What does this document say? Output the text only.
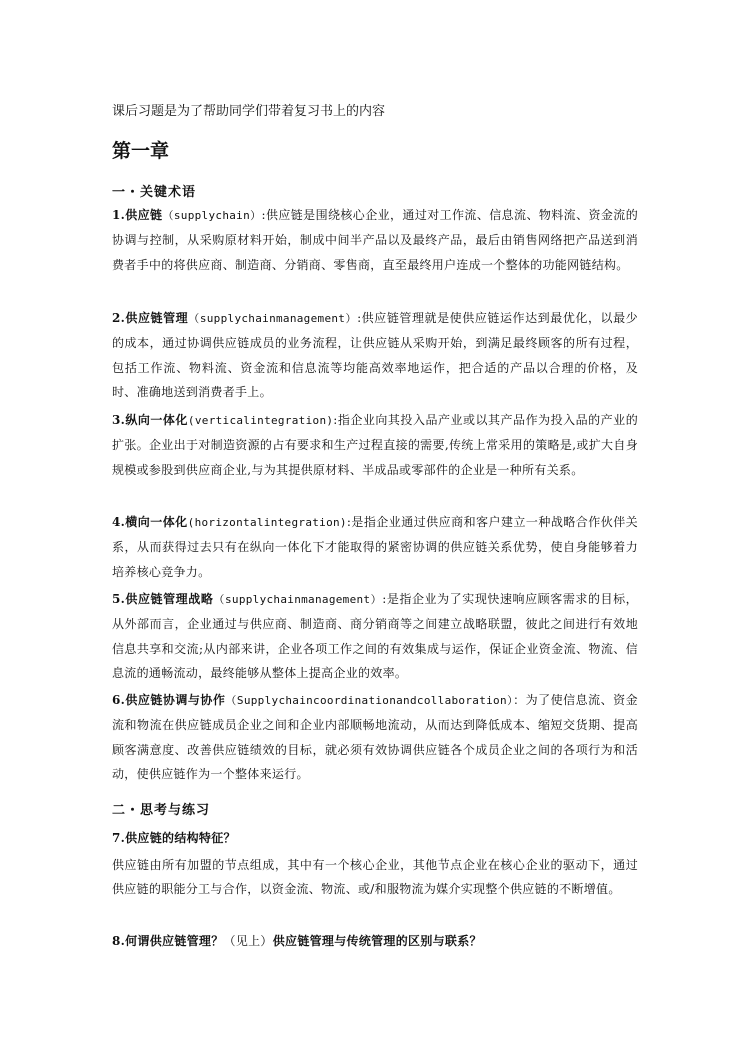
课后习题是为了帮助同学们带着复习书上的内容
第一章
一・关键术语
1.供应链（supplychain）:供应链是围绕核心企业，通过对工作流、信息流、物料流、资金流的协调与控制，从采购原材料开始，制成中间半产品以及最终产品，最后由销售网络把产品送到消费者手中的将供应商、制造商、分销商、零售商，直至最终用户连成一个整体的功能网链结构。
2.供应链管理（supplychainmanagement）:供应链管理就是使供应链运作达到最优化，以最少的成本，通过协调供应链成员的业务流程，让供应链从采购开始，到满足最终顾客的所有过程，包括工作流、物料流、资金流和信息流等均能高效率地运作，把合适的产品以合理的价格，及时、准确地送到消费者手上。
3.纵向一体化(verticalintegration):指企业向其投入品产业或以其产品作为投入品的产业的扩张。企业出于对制造资源的占有要求和生产过程直接的需要,传统上常采用的策略是,或扩大自身规模或参股到供应商企业,与为其提供原材料、半成品或零部件的企业是一种所有关系。
4.横向一体化(horizontalintegration):是指企业通过供应商和客户建立一种战略合作伙伴关系，从而获得过去只有在纵向一体化下才能取得的紧密协调的供应链关系优势，使自身能够着力培养核心竞争力。
5.供应链管理战略（supplychainmanagement）:是指企业为了实现快速响应顾客需求的目标，从外部而言，企业通过与供应商、制造商、商分销商等之间建立战略联盟，彼此之间进行有效地信息共享和交流;从内部来讲，企业各项工作之间的有效集成与运作，保证企业资金流、物流、信息流的通畅流动，最终能够从整体上提高企业的效率。
6.供应链协调与协作（Supplychaincoordinationandcollaboration）：为了使信息流、资金流和物流在供应链成员企业之间和企业内部顺畅地流动，从而达到降低成本、缩短交货期、提高顾客满意度、改善供应链绩效的目标，就必须有效协调供应链各个成员企业之间的各项行为和活动，使供应链作为一个整体来运行。
二・思考与练习
7.供应链的结构特征？
供应链由所有加盟的节点组成，其中有一个核心企业，其他节点企业在核心企业的驱动下，通过供应链的职能分工与合作，以资金流、物流、或/和服物流为媒介实现整个供应链的不断增值。
8.何谓供应链管理？（见上）供应链管理与传统管理的区别与联系？
